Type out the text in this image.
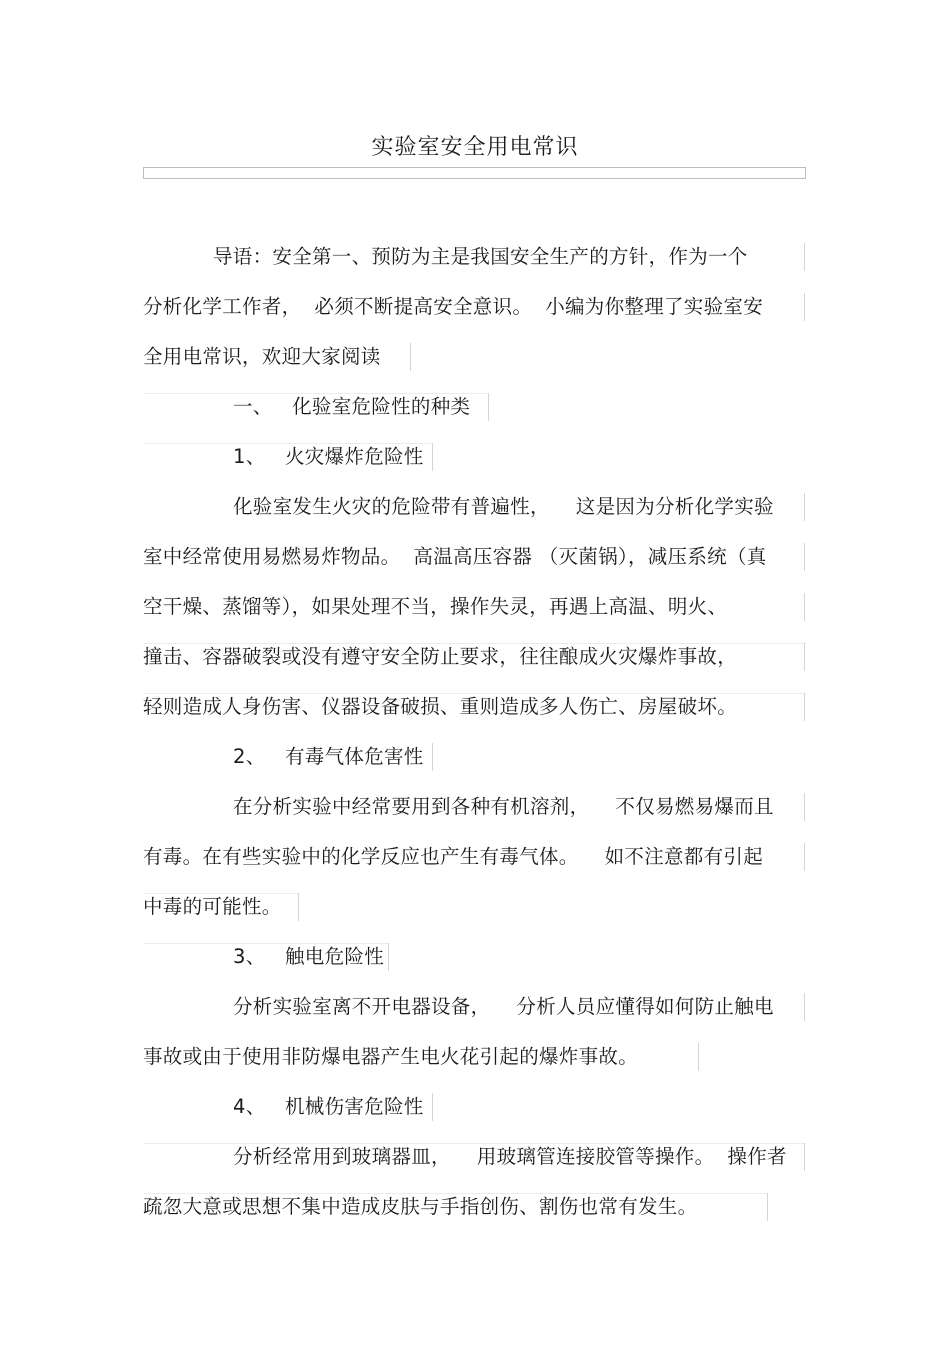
实验室安全用电常识
导语：安全第一、预防为主是我国安全生产的方针，作为一个
分析化学工作者，  必须不断提高安全意识。  小编为你整理了实验室安
全用电常识，欢迎大家阅读
一、   化验室危险性的种类
1、   火灾爆炸危险性
化验室发生火灾的危险带有普遍性，    这是因为分析化学实验
室中经常使用易燃易炸物品。  高温高压容器 （灭菌锅），减压系统（真
空干燥、蒸馏等），如果处理不当，操作失灵，再遇上高温、明火、
撞击、容器破裂或没有遵守安全防止要求，往往酿成火灾爆炸事故，
轻则造成人身伤害、仪器设备破损、重则造成多人伤亡、房屋破坏。
2、   有毒气体危害性
在分析实验中经常要用到各种有机溶剂，    不仅易燃易爆而且
有毒。在有些实验中的化学反应也产生有毒气体。    如不注意都有引起
中毒的可能性。
3、   触电危险性
分析实验室离不开电器设备，    分析人员应懂得如何防止触电
事故或由于使用非防爆电器产生电火花引起的爆炸事故。
4、   机械伤害危险性
分析经常用到玻璃器皿，    用玻璃管连接胶管等操作。  操作者
疏忽大意或思想不集中造成皮肤与手指创伤、割伤也常有发生。
